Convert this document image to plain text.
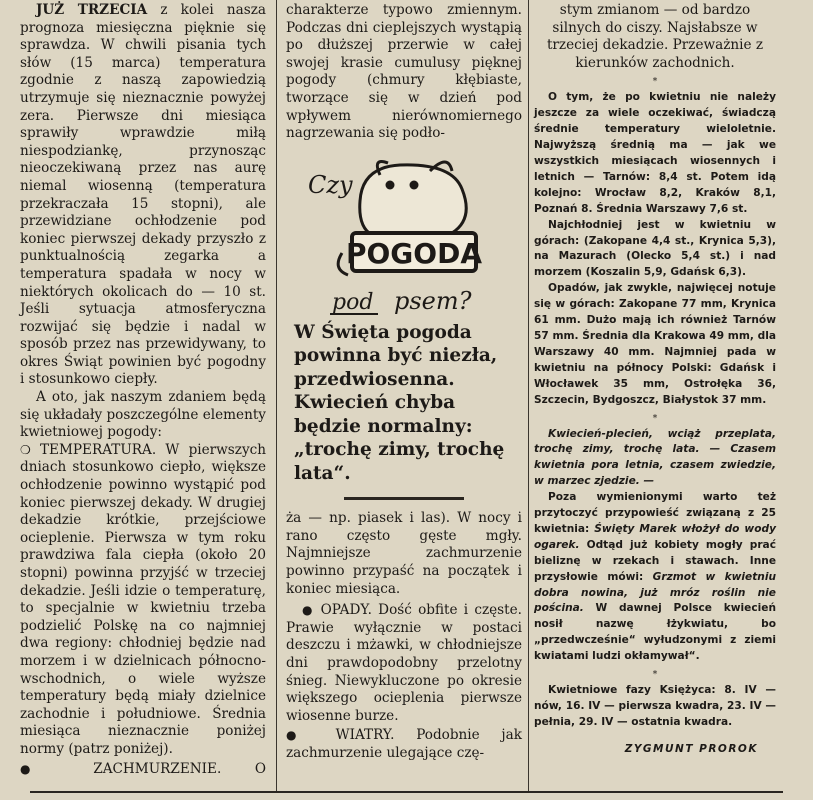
JUŻ TRZECIA z kolei nasza prognoza miesięczna pięknie się sprawdza. W chwili pisania tych słów (15 marca) temperatura zgodnie z naszą zapowiedzią utrzymuje się nieznacznie powyżej zera. Pierwsze dni miesiąca sprawiły wprawdzie miłą niespodziankę, przynosząc nieoczekiwaną przez nas aurę niemal wiosenną (temperatura przekraczała 15 stopni), ale przewidziane ochłodzenie pod koniec pierwszej dekady przyszło z punktualnością zegarka a temperatura spadała w nocy w niektórych okolicach do — 10 st. Jeśli sytuacja atmosferyczna rozwijać się będzie i nadal w sposób przez nas przewidywany, to okres Świąt powinien być pogodny i stosunkowo ciepły.

A oto, jak naszym zdaniem będą się układały poszczególne elementy kwietniowej pogody:

❍ TEMPERATURA. W pierwszych dniach stosunkowo ciepło, większe ochłodzenie powinno wystąpić pod koniec pierwszej dekady. W drugiej dekadzie krótkie, przejściowe ocieplenie. Pierwsza w tym roku prawdziwa fala ciepła (około 20 stopni) powinna przyjść w trzeciej dekadzie. Jeśli idzie o temperaturę, to specjalnie w kwietniu trzeba podzielić Polskę na co najmniej dwa regiony: chłodniej będzie nad morzem i w dzielnicach północno-wschodnich, o wiele wyższe temperatury będą miały dzielnice zachodnie i południowe. Średnia miesiąca nieznacznie poniżej normy (patrz poniżej).

● ZACHMURZENIE. O

charakterze typowo zmiennym. Podczas dni cieplejszych wystąpią po dłuższej przerwie w całej swojej krasie cumulusy pięknej pogody (chmury kłębiaste, tworzące się w dzień pod wpływem nierównomiernego nagrzewania się podło-

Czy
POGODA
pod psem?

W Święta pogoda powinna być niezła, przedwiosenna. Kwiecień chyba będzie normalny: „trochę zimy, trochę lata“.

ża — np. piasek i las). W nocy i rano często gęste mgły. Najmniejsze zachmurzenie powinno przypaść na początek i koniec miesiąca.

● OPADY. Dość obfite i częste. Prawie wyłącznie w postaci deszczu i mżawki, w chłodniejsze dni prawdopodobny przelotny śnieg. Niewykluczone po okresie większego ocieplenia pierwsze wiosenne burze.

● WIATRY. Podobnie jak zachmurzenie ulegające czę-

stym zmianom — od bardzo silnych do ciszy. Najsłabsze w trzeciej dekadzie. Przeważnie z kierunków zachodnich.

*

O tym, że po kwietniu nie należy jeszcze za wiele oczekiwać, świadczą średnie temperatury wieloletnie. Najwyższą średnią ma — jak we wszystkich miesiącach wiosennych i letnich — Tarnów: 8,4 st. Potem idą kolejno: Wrocław 8,2, Kraków 8,1, Poznań 8. Średnia Warszawy 7,6 st.

Najchłodniej jest w kwietniu w górach: (Zakopane 4,4 st., Krynica 5,3), na Mazurach (Olecko 5,4 st.) i nad morzem (Koszalin 5,9, Gdańsk 6,3).

Opadów, jak zwykle, najwięcej notuje się w górach: Zakopane 77 mm, Krynica 61 mm. Dużo mają ich również Tarnów 57 mm. Średnia dla Krakowa 49 mm, dla Warszawy 40 mm. Najmniej pada w kwietniu na północy Polski: Gdańsk i Włocławek 35 mm, Ostrołęka 36, Szczecin, Bydgoszcz, Białystok 37 mm.

*

Kwiecień-plecień, wciąż przeplata, trochę zimy, trochę lata. — Czasem kwietnia pora letnia, czasem zwiedzie, w marzec zjedzie. —

Poza wymienionymi warto też przytoczyć przypowieść związaną z 25 kwietnia: Święty Marek włożył do wody ogarek. Odtąd już kobiety mogły prać bieliznę w rzekach i stawach. Inne przysłowie mówi: Grzmot w kwietniu dobra nowina, już mróz roślin nie pościna. W dawnej Polsce kwiecień nosił nazwę łżykwiatu, bo „przedwcześnie“ wyłudzonymi z ziemi kwiatami ludzi okłamywał“.

*

Kwietniowe fazy Księżyca: 8. IV — nów, 16. IV — pierwsza kwadra, 23. IV — pełnia, 29. IV — ostatnia kwadra.

ZYGMUNT PROROK
